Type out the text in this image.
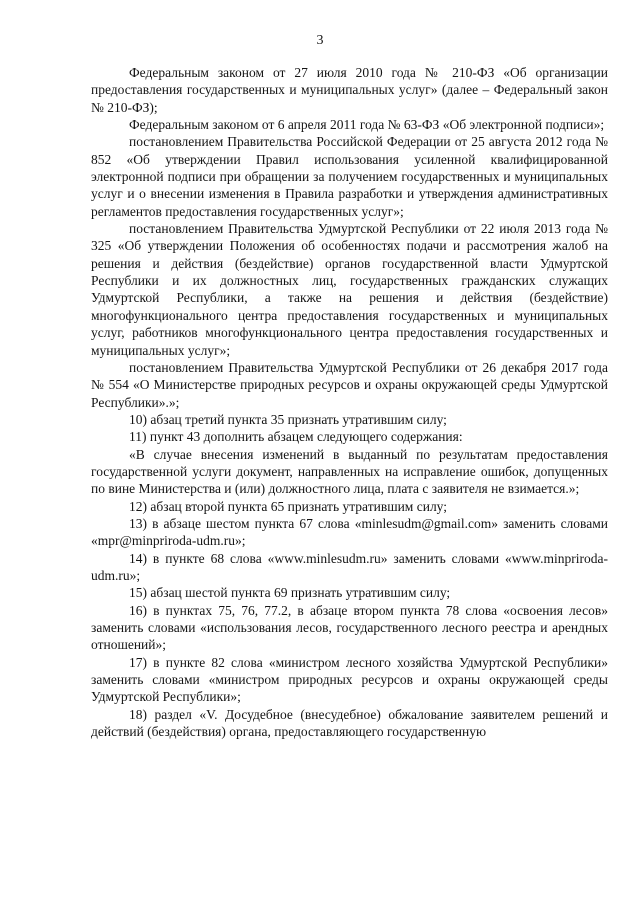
3

Федеральным законом от 27 июля 2010 года № 210-ФЗ «Об организации предоставления государственных и муниципальных услуг» (далее – Федеральный закон № 210-ФЗ);

Федеральным законом от 6 апреля 2011 года № 63-ФЗ «Об электронной подписи»;

постановлением Правительства Российской Федерации от 25 августа 2012 года № 852 «Об утверждении Правил использования усиленной квалифицированной электронной подписи при обращении за получением государственных и муниципальных услуг и о внесении изменения в Правила разработки и утверждения административных регламентов предоставления государственных услуг»;

постановлением Правительства Удмуртской Республики от 22 июля 2013 года № 325 «Об утверждении Положения об особенностях подачи и рассмотрения жалоб на решения и действия (бездействие) органов государственной власти Удмуртской Республики и их должностных лиц, государственных гражданских служащих Удмуртской Республики, а также на решения и действия (бездействие) многофункционального центра предоставления государственных и муниципальных услуг, работников многофункционального центра предоставления государственных и муниципальных услуг»;

постановлением Правительства Удмуртской Республики от 26 декабря 2017 года № 554 «О Министерстве природных ресурсов и охраны окружающей среды Удмуртской Республики».»;

10) абзац третий пункта 35 признать утратившим силу;

11) пункт 43 дополнить абзацем следующего содержания:

«В случае внесения изменений в выданный по результатам предоставления государственной услуги документ, направленных на исправление ошибок, допущенных по вине Министерства и (или) должностного лица, плата с заявителя не взимается.»;

12) абзац второй пункта 65 признать утратившим силу;

13) в абзаце шестом пункта 67 слова «minlesudm@gmail.com» заменить словами «mpr@minpriroda-udm.ru»;

14) в пункте 68 слова «www.minlesudm.ru» заменить словами «www.minpriroda-udm.ru»;

15) абзац шестой пункта 69 признать утратившим силу;

16) в пунктах 75, 76, 77.2, в абзаце втором пункта 78 слова «освоения лесов» заменить словами «использования лесов, государственного лесного реестра и арендных отношений»;

17) в пункте 82 слова «министром лесного хозяйства Удмуртской Республики» заменить словами «министром природных ресурсов и охраны окружающей среды Удмуртской Республики»;

18) раздел «V. Досудебное (внесудебное) обжалование заявителем решений и действий (бездействия) органа, предоставляющего государственную
